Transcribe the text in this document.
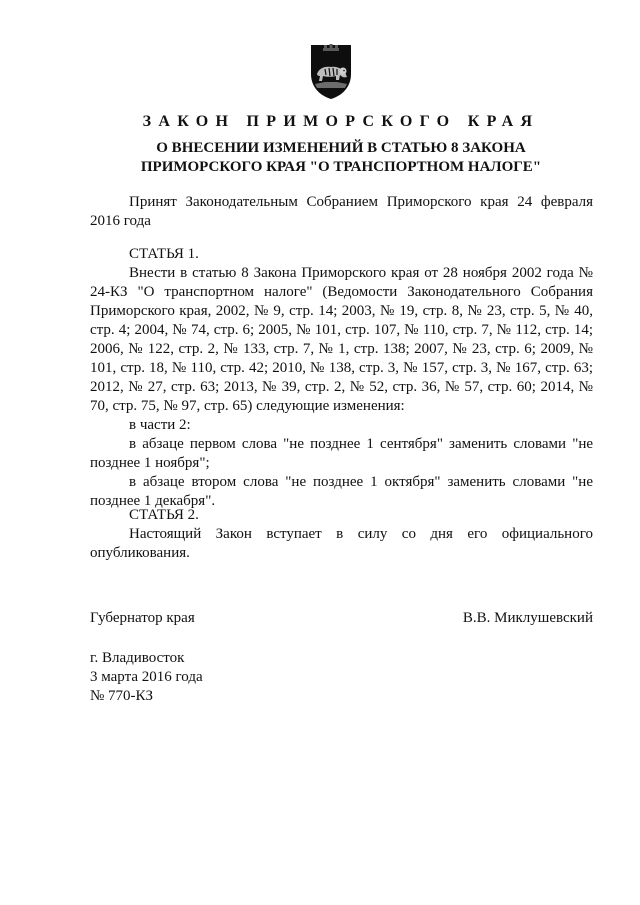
ЗАКОН ПРИМОРСКОГО КРАЯ
О ВНЕСЕНИИ ИЗМЕНЕНИЙ В СТАТЬЮ 8 ЗАКОНА
ПРИМОРСКОГО КРАЯ "О ТРАНСПОРТНОМ НАЛОГЕ"

Принят Законодательным Собранием Приморского края 24 февраля 2016 года

СТАТЬЯ 1.

Внести в статью 8 Закона Приморского края от 28 ноября 2002 года № 24-КЗ "О транспортном налоге" (Ведомости Законодательного Собрания Приморского края, 2002, № 9, стр. 14; 2003, № 19, стр. 8, № 23, стр. 5, № 40, стр. 4; 2004, № 74, стр. 6; 2005, № 101, стр. 107, № 110, стр. 7, № 112, стр. 14; 2006, № 122, стр. 2, № 133, стр. 7, № 1, стр. 138; 2007, № 23, стр. 6; 2009, № 101, стр. 18, № 110, стр. 42; 2010, № 138, стр. 3, № 157, стр. 3, № 167, стр. 63; 2012, № 27, стр. 63; 2013, № 39, стр. 2, № 52, стр. 36, № 57, стр. 60; 2014, № 70, стр. 75, № 97, стр. 65) следующие изменения:

в части 2:

в абзаце первом слова "не позднее 1 сентября" заменить словами "не позднее 1 ноября";

в абзаце втором слова "не позднее 1 октября" заменить словами "не позднее 1 декабря".

СТАТЬЯ 2.

Настоящий Закон вступает в силу со дня его официального опубликования.

Губернатор края	В.В. Миклушевский
г. Владивосток
3 марта 2016 года
№ 770-КЗ
